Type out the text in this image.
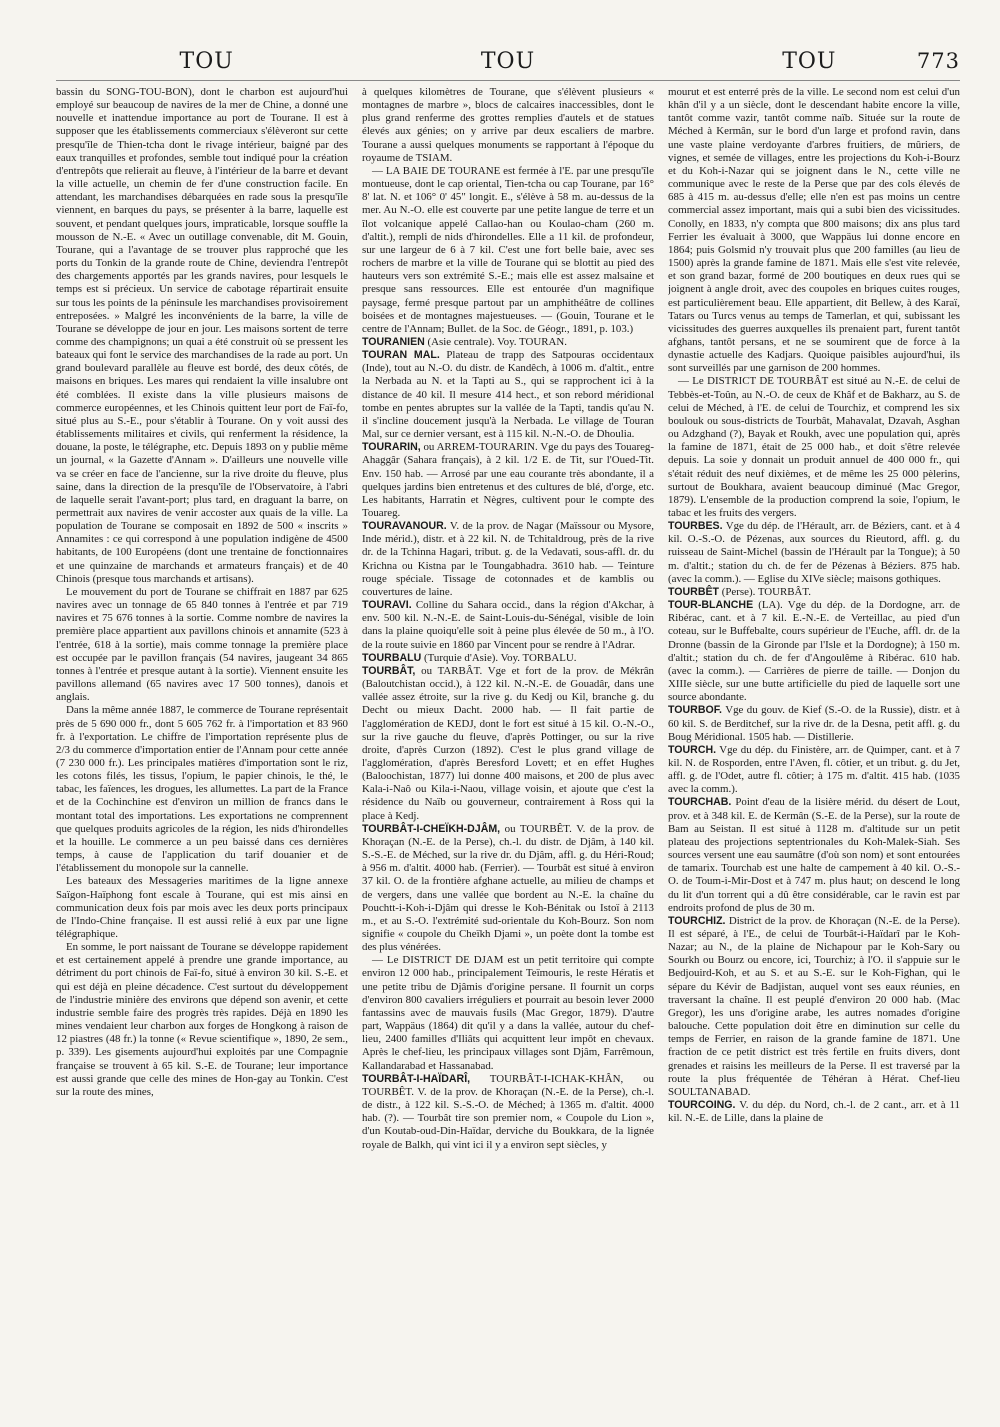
TOU	TOU	TOU	773

bassin du SONG-TOU-BON), dont le charbon est aujourd'hui employé sur beaucoup de navires de la mer de Chine, a donné une nouvelle et inattendue importance au port de Tourane. Il est à supposer que les établissements commerciaux s'élèveront sur cette presqu'île de Thien-tcha dont le rivage intérieur, baigné par des eaux tranquilles et profondes, semble tout indiqué pour la création d'entrepôts que relierait au fleuve, à l'intérieur de la barre et devant la ville actuelle, un chemin de fer d'une construction facile. En attendant, les marchandises débarquées en rade sous la presqu'île viennent, en barques du pays, se présenter à la barre, laquelle est souvent, et pendant quelques jours, impraticable, lorsque souffle la mousson de N.-E. « Avec un outillage convenable, dit M. Gouin, Tourane, qui a l'avantage de se trouver plus rapproché que les ports du Tonkin de la grande route de Chine, deviendra l'entrepôt des chargements apportés par les grands navires, pour lesquels le temps est si précieux. Un service de cabotage répartirait ensuite sur tous les points de la péninsule les marchandises provisoirement entreposées. » Malgré les inconvénients de la barre, la ville de Tourane se développe de jour en jour. Les maisons sortent de terre comme des champignons; un quai a été construit où se pressent les bateaux qui font le service des marchandises de la rade au port. Un grand boulevard parallèle au fleuve est bordé, des deux côtés, de maisons en briques. Les mares qui rendaient la ville insalubre ont été comblées. Il existe dans la ville plusieurs maisons de commerce européennes, et les Chinois quittent leur port de Faï-fo, situé plus au S.-E., pour s'établir à Tourane. On y voit aussi des établissements militaires et civils, qui renferment la résidence, la douane, la poste, le télégraphe, etc. Depuis 1893 on y publie même un journal, « la Gazette d'Annam ». D'ailleurs une nouvelle ville va se créer en face de l'ancienne, sur la rive droite du fleuve, plus saine, dans la direction de la presqu'île de l'Observatoire, à l'abri de laquelle serait l'avant-port; plus tard, en draguant la barre, on permettrait aux navires de venir accoster aux quais de la ville. La population de Tourane se composait en 1892 de 500 « inscrits » Annamites : ce qui correspond à une population indigène de 4500 habitants, de 100 Européens (dont une trentaine de fonctionnaires et une quinzaine de marchands et armateurs français) et de 40 Chinois (presque tous marchands et artisans).

Le mouvement du port de Tourane se chiffrait en 1887 par 625 navires avec un tonnage de 65 840 tonnes à l'entrée et par 719 navires et 75 676 tonnes à la sortie. Comme nombre de navires la première place appartient aux pavillons chinois et annamite (523 à l'entrée, 618 à la sortie), mais comme tonnage la première place est occupée par le pavillon français (54 navires, jaugeant 34 865 tonnes à l'entrée et presque autant à la sortie). Viennent ensuite les pavillons allemand (65 navires avec 17 500 tonnes), danois et anglais.

Dans la même année 1887, le commerce de Tourane représentait près de 5 690 000 fr., dont 5 605 762 fr. à l'importation et 83 960 fr. à l'exportation. Le chiffre de l'importation représente plus de 2/3 du commerce d'importation entier de l'Annam pour cette année (7 230 000 fr.). Les principales matières d'importation sont le riz, les cotons filés, les tissus, l'opium, le papier chinois, le thé, le tabac, les faïences, les drogues, les allumettes. La part de la France et de la Cochinchine est d'environ un million de francs dans le montant total des importations. Les exportations ne comprennent que quelques produits agricoles de la région, les nids d'hirondelles et la houille. Le commerce a un peu baissé dans ces dernières temps, à cause de l'application du tarif douanier et de l'établissement du monopole sur la cannelle.

Les bateaux des Messageries maritimes de la ligne annexe Saïgon-Haïphong font escale à Tourane, qui est mis ainsi en communication deux fois par mois avec les deux ports principaux de l'Indo-Chine française. Il est aussi relié à eux par une ligne télégraphique.

En somme, le port naissant de Tourane se développe rapidement et est certainement appelé à prendre une grande importance, au détriment du port chinois de Faï-fo, situé à environ 30 kil. S.-E. et qui est déjà en pleine décadence. C'est surtout du développement de l'industrie minière des environs que dépend son avenir, et cette industrie semble faire des progrès très rapides. Déjà en 1890 les mines vendaient leur charbon aux forges de Hongkong à raison de 12 piastres (48 fr.) la tonne (« Revue scientifique », 1890, 2e sem., p. 339). Les gisements aujourd'hui exploités par une Compagnie française se trouvent à 65 kil. S.-E. de Tourane; leur importance est aussi grande que celle des mines de Hon-gay au Tonkin. C'est sur la route des mines,

à quelques kilomètres de Tourane, que s'élèvent plusieurs « montagnes de marbre », blocs de calcaires inaccessibles, dont le plus grand renferme des grottes remplies d'autels et de statues élevés aux génies; on y arrive par deux escaliers de marbre. Tourane a aussi quelques monuments se rapportant à l'époque du royaume de TSIAM.

— LA BAIE DE TOURANE est fermée à l'E. par une presqu'île montueuse, dont le cap oriental, Tien-tcha ou cap Tourane, par 16° 8' lat. N. et 106° 0' 45" longit. E., s'élève à 58 m. au-dessus de la mer. Au N.-O. elle est couverte par une petite langue de terre et un îlot volcanique appelé Callao-han ou Koulao-cham (260 m. d'altit.), rempli de nids d'hirondelles. Elle a 11 kil. de profondeur, sur une largeur de 6 à 7 kil. C'est une fort belle baie, avec ses rochers de marbre et la ville de Tourane qui se blottit au pied des hauteurs vers son extrémité S.-E.; mais elle est assez malsaine et presque sans ressources. Elle est entourée d'un magnifique paysage, fermé presque partout par un amphithéâtre de collines boisées et de montagnes majestueuses. — (Gouin, Tourane et le centre de l'Annam; Bullet. de la Soc. de Géogr., 1891, p. 103.)

TOURANIEN (Asie centrale). Voy. TOURAN.

TOURAN MAL. Plateau de trapp des Satpouras occidentaux (Inde), tout au N.-O. du distr. de Kandêch, à 1006 m. d'altit., entre la Nerbada au N. et la Tapti au S., qui se rapprochent ici à la distance de 40 kil. Il mesure 414 hect., et son rebord méridional tombe en pentes abruptes sur la vallée de la Tapti, tandis qu'au N. il s'incline doucement jusqu'à la Nerbada. Le village de Touran Mal, sur ce dernier versant, est à 115 kil. N.-N.-O. de Dhoulia.

TOURARIN, ou ARREM-TOURARIN. Vge du pays des Touareg-Ahaggâr (Sahara français), à 2 kil. 1/2 E. de Tit, sur l'Oued-Tit. Env. 150 hab. — Arrosé par une eau courante très abondante, il a quelques jardins bien entretenus et des cultures de blé, d'orge, etc. Les habitants, Harratin et Nègres, cultivent pour le compte des Touareg.

TOURAVANOUR. V. de la prov. de Nagar (Maïssour ou Mysore, Inde mérid.), distr. et à 22 kil. N. de Tchitaldroug, près de la rive dr. de la Tchinna Hagari, tribut. g. de la Vedavati, sous-affl. dr. du Krichna ou Kistna par le Toungabhadra. 3610 hab. — Teinture rouge spéciale. Tissage de cotonnades et de kamblis ou couvertures de laine.

TOURAVI. Colline du Sahara occid., dans la région d'Akchar, à env. 500 kil. N.-N.-E. de Saint-Louis-du-Sénégal, visible de loin dans la plaine quoiqu'elle soit à peine plus élevée de 50 m., à l'O. de la route suivie en 1860 par Vincent pour se rendre à l'Adrar.

TOURBALU (Turquie d'Asie). Voy. TORBALU.

TOURBÂT, ou TARBÂT. Vge et fort de la prov. de Mékrân (Baloutchistan occid.), à 122 kil. N.-N.-E. de Gouadâr, dans une vallée assez étroite, sur la rive g. du Kedj ou Kil, branche g. du Decht ou mieux Dacht. 2000 hab. — Il fait partie de l'agglomération de KEDJ, dont le fort est situé à 15 kil. O.-N.-O., sur la rive gauche du fleuve, d'après Pottinger, ou sur la rive droite, d'après Curzon (1892). C'est le plus grand village de l'agglomération, d'après Beresford Lovett; et en effet Hughes (Baloochistan, 1877) lui donne 400 maisons, et 200 de plus avec Kala-i-Naô ou Kila-i-Naou, village voisin, et ajoute que c'est la résidence du Naïb ou gouverneur, contrairement à Ross qui la place à Kedj.

TOURBÂT-I-CHEÏKH-DJÂM, ou TOURBÊT. V. de la prov. de Khoraçan (N.-E. de la Perse), ch.-l. du distr. de Djâm, à 140 kil. S.-S.-E. de Méched, sur la rive dr. du Djâm, affl. g. du Héri-Roud; à 956 m. d'altit. 4000 hab. (Ferrier). — Tourbât est situé à environ 37 kil. O. de la frontière afghane actuelle, au milieu de champs et de vergers, dans une vallée que bordent au N.-E. la chaîne du Pouchtt-i-Koh-i-Djâm qui dresse le Koh-Bénitak ou Istoï à 2113 m., et au S.-O. l'extrémité sud-orientale du Koh-Bourz. Son nom signifie « coupole du Cheïkh Djami », un poète dont la tombe est des plus vénérées.

— Le DISTRICT DE DJAM est un petit territoire qui compte environ 12 000 hab., principalement Teïmouris, le reste Hératis et une petite tribu de Djâmis d'origine persane. Il fournit un corps d'environ 800 cavaliers irréguliers et pourrait au besoin lever 2000 fantassins avec de mauvais fusils (Mac Gregor, 1879). D'autre part, Wappäus (1864) dit qu'il y a dans la vallée, autour du chef-lieu, 2400 familles d'Iliâts qui acquittent leur impôt en chevaux. Après le chef-lieu, les principaux villages sont Djâm, Farrêmoun, Kallandarabad et Hassanabad.

TOURBÂT-I-HAÏDARÎ, TOURBÂT-I-ICHAK-KHÂN, ou TOURBÊT. V. de la prov. de Khoraçan (N.-E. de la Perse), ch.-l. de distr., à 122 kil. S.-S.-O. de Méched; à 1365 m. d'altit. 4000 hab. (?). — Tourbât tire son premier nom, « Coupole du Lion », d'un Koutab-oud-Din-Haïdar, derviche du Boukkara, de la lignée royale de Balkh, qui vint ici il y a environ sept siècles, y

mourut et est enterré près de la ville. Le second nom est celui d'un khân d'il y a un siècle, dont le descendant habite encore la ville, tantôt comme vazir, tantôt comme naïb. Située sur la route de Méched à Kermân, sur le bord d'un large et profond ravin, dans une vaste plaine verdoyante d'arbres fruitiers, de mûriers, de vignes, et semée de villages, entre les projections du Koh-i-Bourz et du Koh-i-Nazar qui se joignent dans le N., cette ville ne communique avec le reste de la Perse que par des cols élevés de 685 à 415 m. au-dessus d'elle; elle n'en est pas moins un centre commercial assez important, mais qui a subi bien des vicissitudes. Conolly, en 1833, n'y compta que 800 maisons; dix ans plus tard Ferrier les évaluait à 3000, que Wappäus lui donne encore en 1864; puis Golsmid n'y trouvait plus que 200 familles (au lieu de 1500) après la grande famine de 1871. Mais elle s'est vite relevée, et son grand bazar, formé de 200 boutiques en deux rues qui se joignent à angle droit, avec des coupoles en briques cuites rouges, est particulièrement beau. Elle appartient, dit Bellew, à des Karaï, Tatars ou Turcs venus au temps de Tamerlan, et qui, subissant les vicissitudes des guerres auxquelles ils prenaient part, furent tantôt afghans, tantôt persans, et ne se soumirent que de force à la dynastie actuelle des Kadjars. Quoique paisibles aujourd'hui, ils sont surveillés par une garnison de 200 hommes.

— Le DISTRICT DE TOURBÂT est situé au N.-E. de celui de Tebbès-et-Toûn, au N.-O. de ceux de Khâf et de Bakharz, au S. de celui de Méched, à l'E. de celui de Tourchiz, et comprend les six boulouk ou sous-districts de Tourbât, Mahavalat, Dzavah, Asghan ou Adzghand (?), Bayak et Roukh, avec une population qui, après la famine de 1871, était de 25 000 hab., et doit s'être relevée depuis. La soie y donnait un produit annuel de 400 000 fr., qui s'était réduit des neuf dixièmes, et de même les 25 000 pèlerins, surtout de Boukhara, avaient beaucoup diminué (Mac Gregor, 1879). L'ensemble de la production comprend la soie, l'opium, le tabac et les fruits des vergers.

TOURBES. Vge du dép. de l'Hérault, arr. de Béziers, cant. et à 4 kil. O.-S.-O. de Pézenas, aux sources du Rieutord, affl. g. du ruisseau de Saint-Michel (bassin de l'Hérault par la Tongue); à 50 m. d'altit.; station du ch. de fer de Pézenas à Béziers. 875 hab. (avec la comm.). — Eglise du XIVe siècle; maisons gothiques.

TOURBÊT (Perse). TOURBÂT.

TOUR-BLANCHE (LA). Vge du dép. de la Dordogne, arr. de Ribérac, cant. et à 7 kil. E.-N.-E. de Verteillac, au pied d'un coteau, sur le Buffebalte, cours supérieur de l'Euche, affl. dr. de la Dronne (bassin de la Gironde par l'Isle et la Dordogne); à 150 m. d'altit.; station du ch. de fer d'Angoulême à Ribérac. 610 hab. (avec la comm.). — Carrières de pierre de taille. — Donjon du XIIIe siècle, sur une butte artificielle du pied de laquelle sort une source abondante.

TOURBOF. Vge du gouv. de Kief (S.-O. de la Russie), distr. et à 60 kil. S. de Berditchef, sur la rive dr. de la Desna, petit affl. g. du Boug Méridional. 1505 hab. — Distillerie.

TOURCH. Vge du dép. du Finistère, arr. de Quimper, cant. et à 7 kil. N. de Rosporden, entre l'Aven, fl. côtier, et un tribut. g. du Jet, affl. g. de l'Odet, autre fl. côtier; à 175 m. d'altit. 415 hab. (1035 avec la comm.).

TOURCHAB. Point d'eau de la lisière mérid. du désert de Lout, prov. et à 348 kil. E. de Kermân (S.-E. de la Perse), sur la route de Bam au Seistan. Il est situé à 1128 m. d'altitude sur un petit plateau des projections septentrionales du Koh-Malek-Siah. Ses sources versent une eau saumâtre (d'où son nom) et sont entourées de tamarix. Tourchab est une halte de campement à 40 kil. O.-S.-O. de Toum-i-Mir-Dost et à 747 m. plus haut; on descend le long du lit d'un torrent qui a dû être considérable, car le ravin est par endroits profond de plus de 30 m.

TOURCHIZ. District de la prov. de Khoraçan (N.-E. de la Perse). Il est séparé, à l'E., de celui de Tourbât-i-Haïdarî par le Koh-Nazar; au N., de la plaine de Nichapour par le Koh-Sary ou Sourkh ou Bourz ou encore, ici, Tourchiz; à l'O. il s'appuie sur le Bedjouird-Koh, et au S. et au S.-E. sur le Koh-Fighan, qui le sépare du Kévir de Badjistan, auquel vont ses eaux réunies, en traversant la chaîne. Il est peuplé d'environ 20 000 hab. (Mac Gregor), les uns d'origine arabe, les autres nomades d'origine balouche. Cette population doit être en diminution sur celle du temps de Ferrier, en raison de la grande famine de 1871. Une fraction de ce petit district est très fertile en fruits divers, dont grenades et raisins les meilleurs de la Perse. Il est traversé par la route la plus fréquentée de Téhéran à Hérat. Chef-lieu SOULTANABAD.

TOURCOING. V. du dép. du Nord, ch.-l. de 2 cant., arr. et à 11 kil. N.-E. de Lille, dans la plaine de
